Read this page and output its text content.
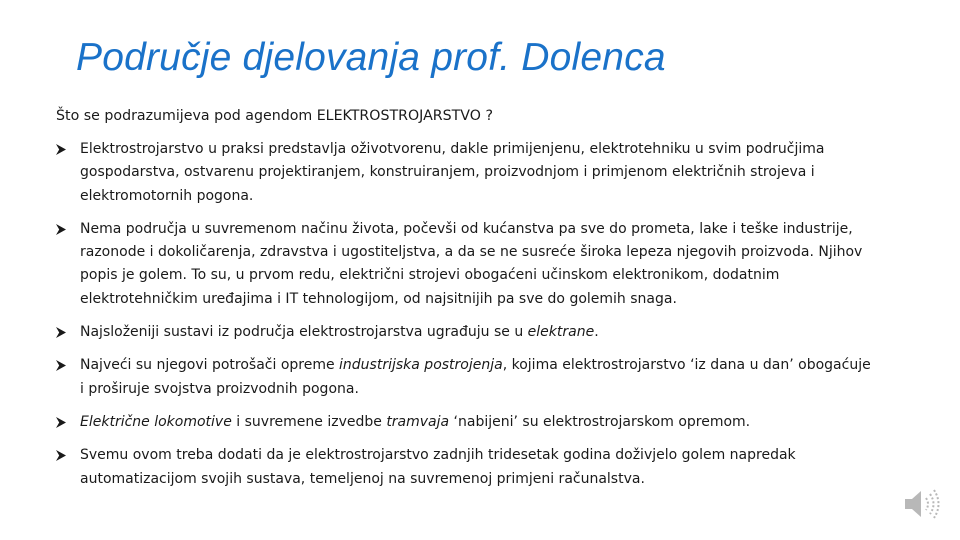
Područje djelovanja prof. Dolenca
Što se podrazumijeva pod agendom ELEKTROSTROJARSTVO ?
Elektrostrojarstvo u praksi predstavlja oživotvorenu, dakle primijenjenu, elektrotehniku u svim područjima gospodarstva, ostvarenu projektiranjem, konstruiranjem, proizvodnjom i primjenom električnih strojeva i elektromotornih pogona.
Nema područja u suvremenom načinu života, počevši od kućanstva pa sve do prometa, lake i teške industrije, razonode i dokoličarenja, zdravstva i ugostiteljstva, a da se ne susreće široka lepeza njegovih proizvoda. Njihov popis je golem. To su, u prvom redu, električni strojevi obogaćeni učinskom elektronikom, dodatnim elektrotehničkim uređajima i IT tehnologijom, od najsitnijih pa sve do golemih snaga.
Najsloženiji sustavi iz područja elektrostrojarstva ugrađuju se u elektrane.
Najveći su njegovi potrošači opreme industrijska postrojenja, kojima elektrostrojarstvo ‘iz dana u dan’ obogaćuje i proširuje svojstva proizvodnih pogona.
Električne lokomotive i suvremene izvedbe tramvaja ‘nabijeni’ su elektrostrojarskom opremom.
Svemu ovom treba dodati da je elektrostrojarstvo zadnjih tridesetak godina doživjelo golem napredak automatizacijom svojih sustava, temeljenoj na suvremenoj primjeni računalstva.
